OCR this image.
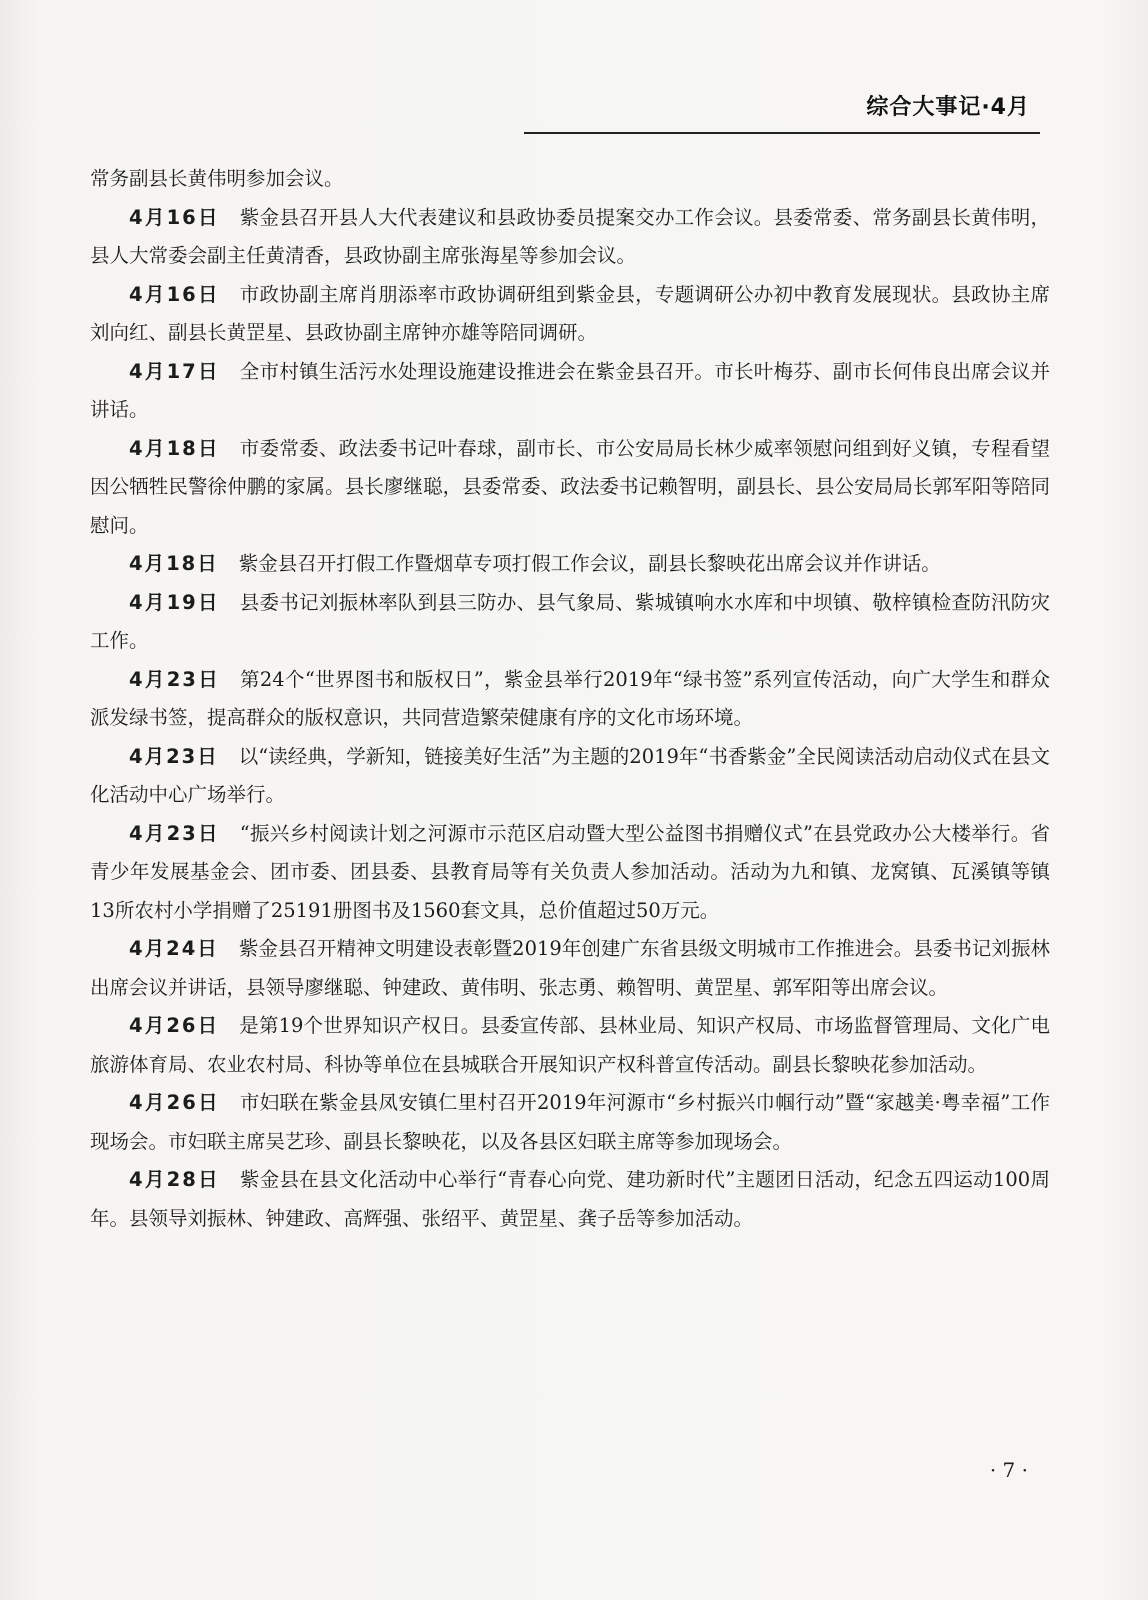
综合大事记·4月

常务副县长黄伟明参加会议。

4月16日 紫金县召开县人大代表建议和县政协委员提案交办工作会议。县委常委、常务副县长黄伟明，县人大常委会副主任黄清香，县政协副主席张海星等参加会议。

4月16日 市政协副主席肖朋添率市政协调研组到紫金县，专题调研公办初中教育发展现状。县政协主席刘向红、副县长黄罡星、县政协副主席钟亦雄等陪同调研。

4月17日 全市村镇生活污水处理设施建设推进会在紫金县召开。市长叶梅芬、副市长何伟良出席会议并讲话。

4月18日 市委常委、政法委书记叶春球，副市长、市公安局局长林少威率领慰问组到好义镇，专程看望因公牺牲民警徐仲鹏的家属。县长廖继聪，县委常委、政法委书记赖智明，副县长、县公安局局长郭军阳等陪同慰问。

4月18日 紫金县召开打假工作暨烟草专项打假工作会议，副县长黎映花出席会议并作讲话。

4月19日 县委书记刘振林率队到县三防办、县气象局、紫城镇响水水库和中坝镇、敬梓镇检查防汛防灾工作。

4月23日 第24个“世界图书和版权日”，紫金县举行2019年“绿书签”系列宣传活动，向广大学生和群众派发绿书签，提高群众的版权意识，共同营造繁荣健康有序的文化市场环境。

4月23日 以“读经典，学新知，链接美好生活”为主题的2019年“书香紫金”全民阅读活动启动仪式在县文化活动中心广场举行。

4月23日 “振兴乡村阅读计划之河源市示范区启动暨大型公益图书捐赠仪式”在县党政办公大楼举行。省青少年发展基金会、团市委、团县委、县教育局等有关负责人参加活动。活动为九和镇、龙窝镇、瓦溪镇等镇13所农村小学捐赠了25191册图书及1560套文具，总价值超过50万元。

4月24日 紫金县召开精神文明建设表彰暨2019年创建广东省县级文明城市工作推进会。县委书记刘振林出席会议并讲话，县领导廖继聪、钟建政、黄伟明、张志勇、赖智明、黄罡星、郭军阳等出席会议。

4月26日 是第19个世界知识产权日。县委宣传部、县林业局、知识产权局、市场监督管理局、文化广电旅游体育局、农业农村局、科协等单位在县城联合开展知识产权科普宣传活动。副县长黎映花参加活动。

4月26日 市妇联在紫金县凤安镇仁里村召开2019年河源市“乡村振兴巾帼行动”暨“家越美·粤幸福”工作现场会。市妇联主席吴艺珍、副县长黎映花，以及各县区妇联主席等参加现场会。

4月28日 紫金县在县文化活动中心举行“青春心向党、建功新时代”主题团日活动，纪念五四运动100周年。县领导刘振林、钟建政、高辉强、张绍平、黄罡星、龚子岳等参加活动。

· 7 ·
